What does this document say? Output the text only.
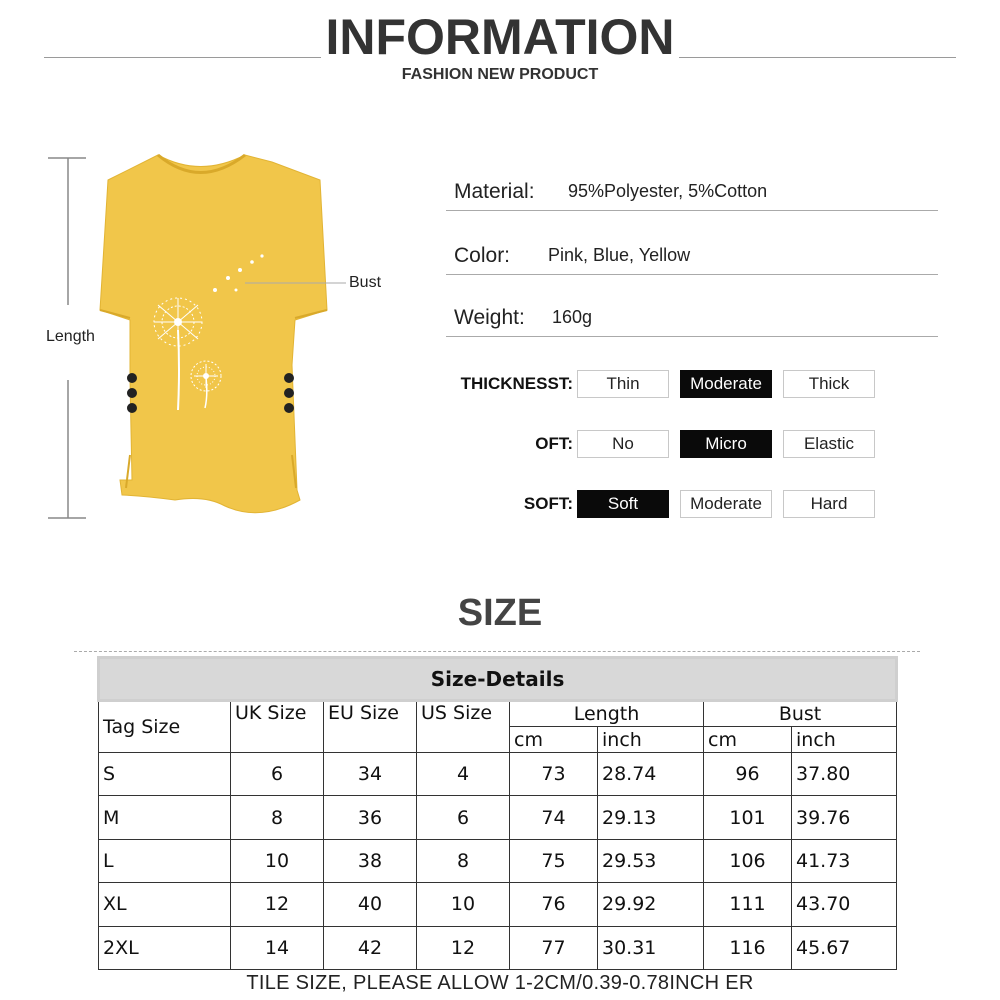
INFORMATION
FASHION NEW PRODUCT
Length
Bust
Material: 95%Polyester, 5%Cotton
Color: Pink, Blue, Yellow
Weight: 160g
THICKNESST:	Thin	Moderate	Thick
OFT:	No	Micro	Elastic
SOFT:	Soft	Moderate	Hard
SIZE
Size-Details							
Tag Size	UK Size	EU Size	US Size	Length		Bust	
				cm	inch	cm	inch
S	6	34	4	73	28.74	96	37.80
M	8	36	6	74	29.13	101	39.76
L	10	38	8	75	29.53	106	41.73
XL	12	40	10	76	29.92	111	43.70
2XL	14	42	12	77	30.31	116	45.67
TILE SIZE, PLEASE ALLOW 1-2CM/0.39-0.78INCH ER
